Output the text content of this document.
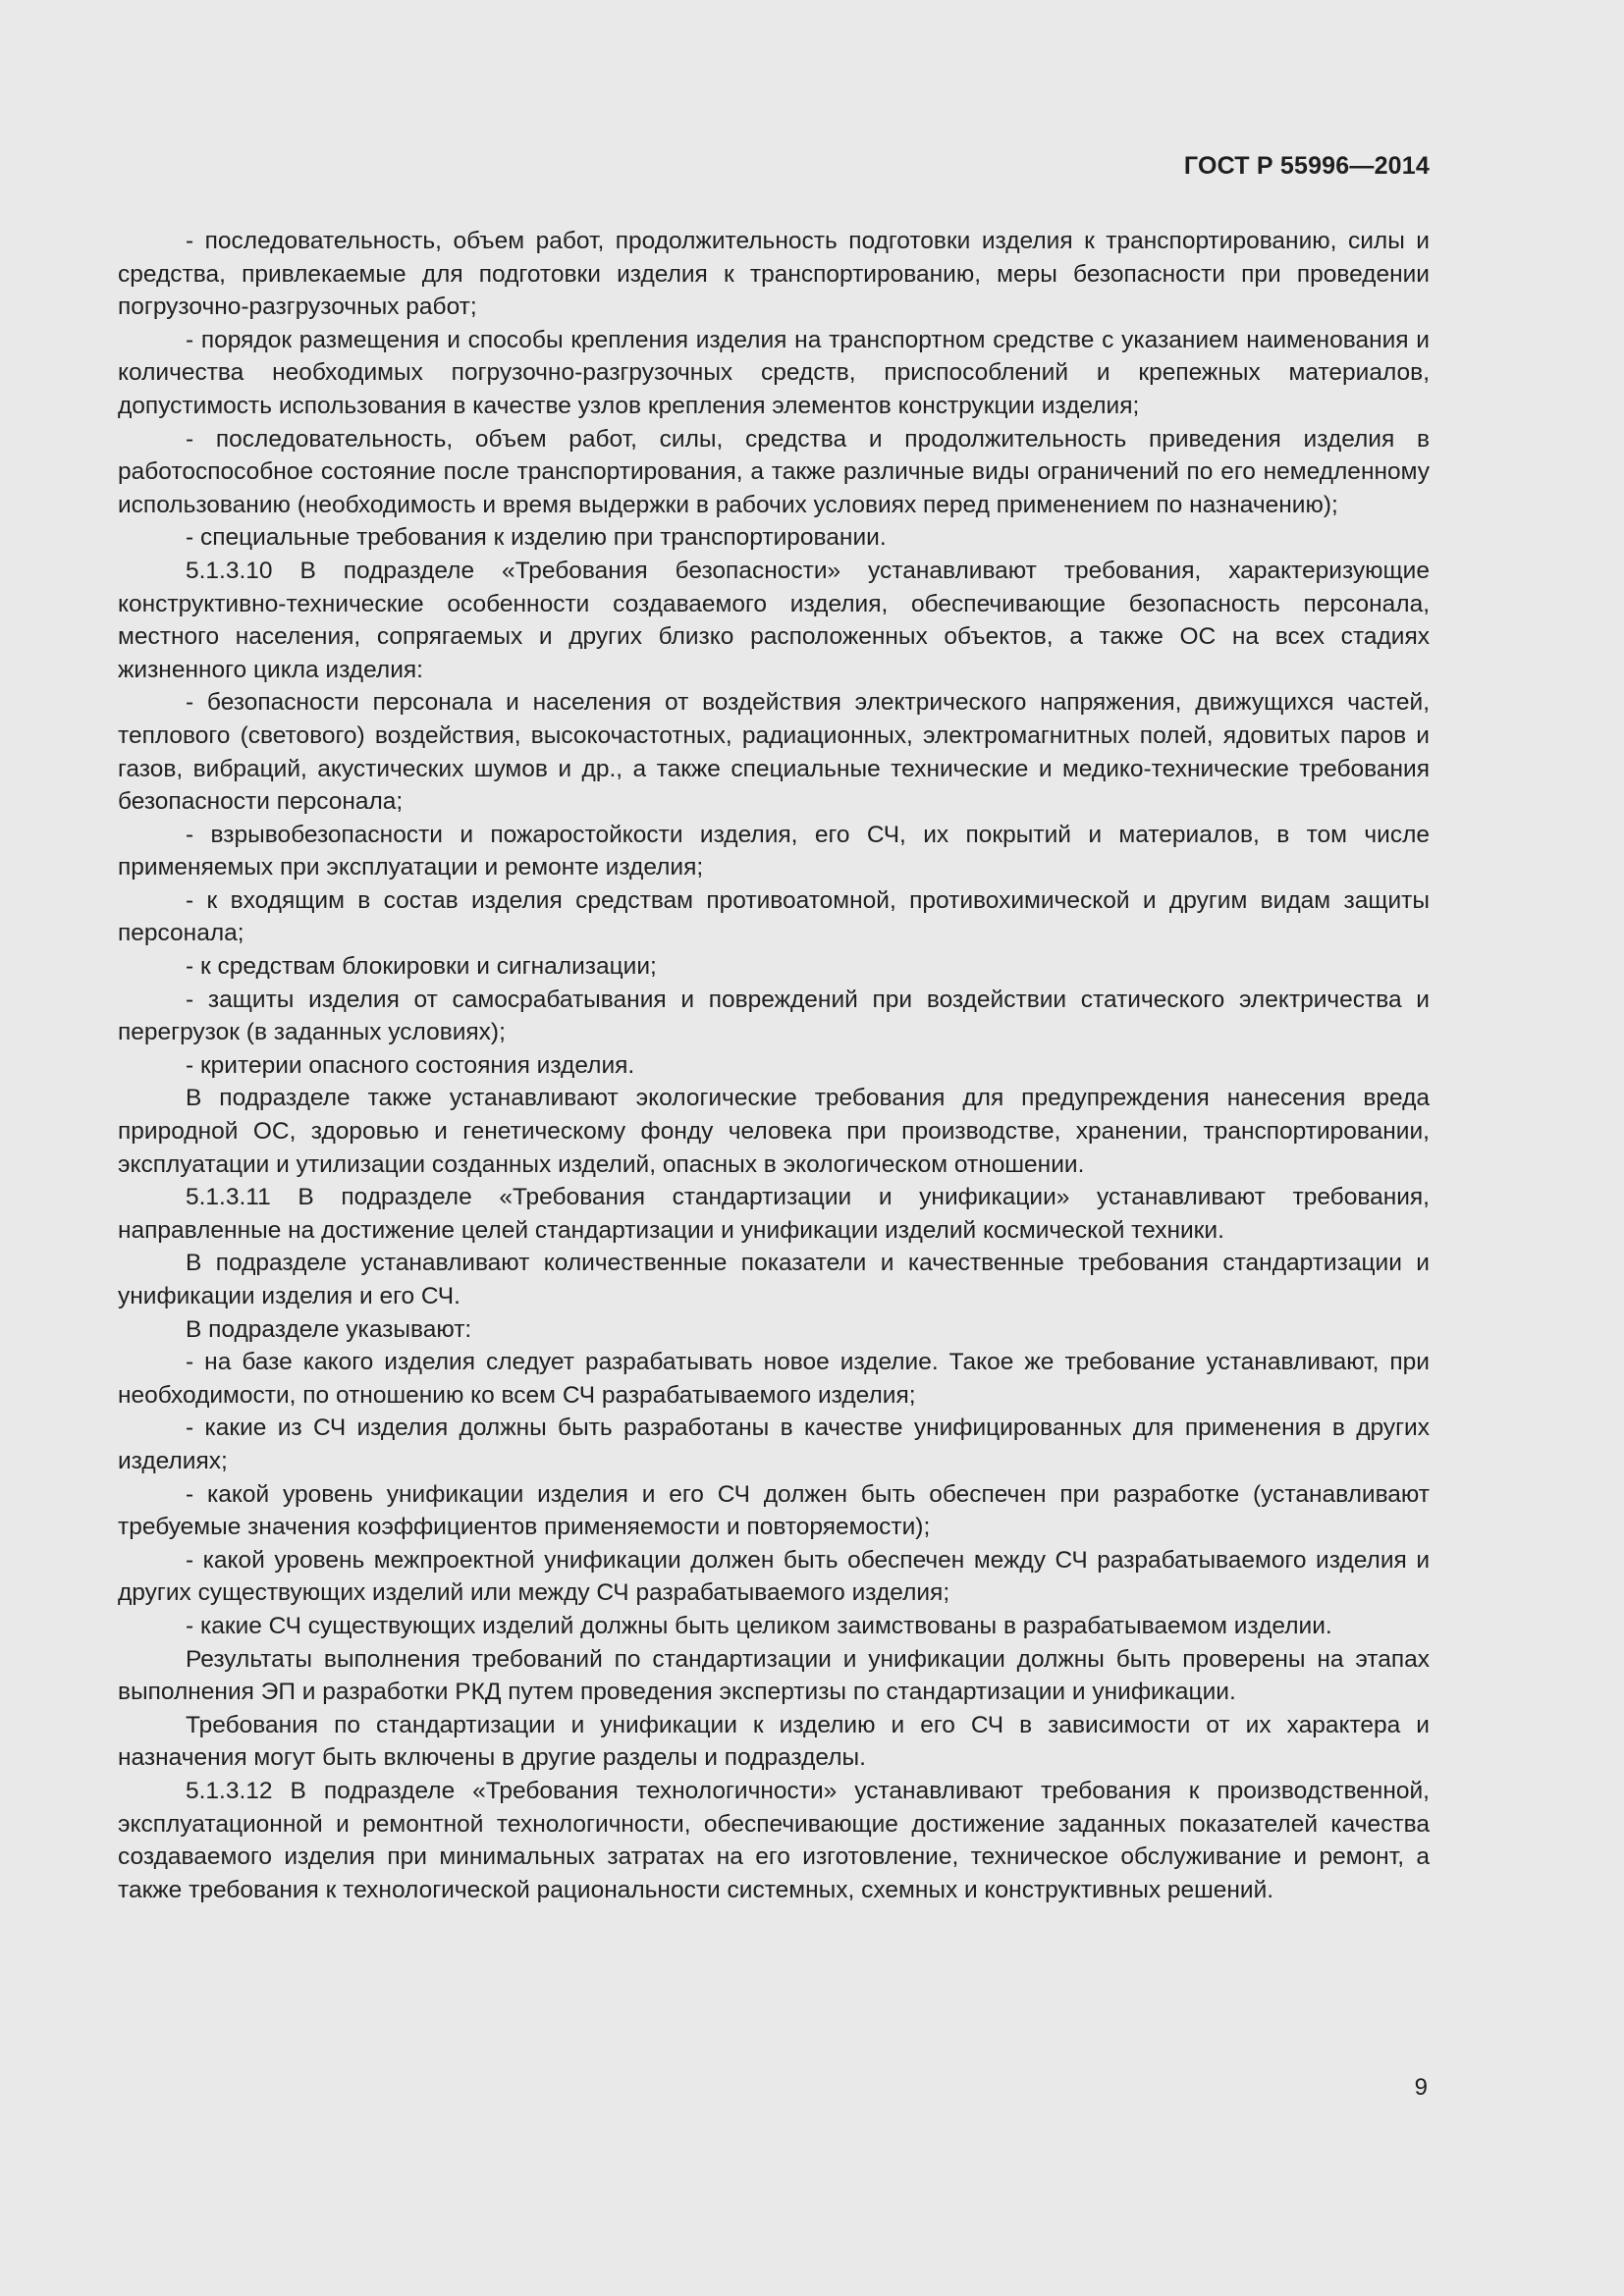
ГОСТ Р 55996—2014

- последовательность, объем работ, продолжительность подготовки изделия к транспортированию, силы и средства, привлекаемые для подготовки изделия к транспортированию, меры безопасности при проведении погрузочно-разгрузочных работ;

- порядок размещения и способы крепления изделия на транспортном средстве с указанием наименования и количества необходимых погрузочно-разгрузочных средств, приспособлений и крепежных материалов, допустимость использования в качестве узлов крепления элементов конструкции изделия;

- последовательность, объем работ, силы, средства и продолжительность приведения изделия в работоспособное состояние после транспортирования, а также различные виды ограничений по его немедленному использованию (необходимость и время выдержки в рабочих условиях перед применением по назначению);

- специальные требования к изделию при транспортировании.

5.1.3.10 В подразделе «Требования безопасности» устанавливают требования, характеризующие конструктивно-технические особенности создаваемого изделия, обеспечивающие безопасность персонала, местного населения, сопрягаемых и других близко расположенных объектов, а также ОС на всех стадиях жизненного цикла изделия:

- безопасности персонала и населения от воздействия электрического напряжения, движущихся частей, теплового (светового) воздействия, высокочастотных, радиационных, электромагнитных полей, ядовитых паров и газов, вибраций, акустических шумов и др., а также специальные технические и медико-технические требования безопасности персонала;

- взрывобезопасности и пожаростойкости изделия, его СЧ, их покрытий и материалов, в том числе применяемых при эксплуатации и ремонте изделия;

- к входящим в состав изделия средствам противоатомной, противохимической и другим видам защиты персонала;

- к средствам блокировки и сигнализации;

- защиты изделия от самосрабатывания и повреждений при воздействии статического электричества и перегрузок (в заданных условиях);

- критерии опасного состояния изделия.

В подразделе также устанавливают экологические требования для предупреждения нанесения вреда природной ОС, здоровью и генетическому фонду человека при производстве, хранении, транспортировании, эксплуатации и утилизации созданных изделий, опасных в экологическом отношении.

5.1.3.11 В подразделе «Требования стандартизации и унификации» устанавливают требования, направленные на достижение целей стандартизации и унификации изделий космической техники.

В подразделе устанавливают количественные показатели и качественные требования стандартизации и унификации изделия и его СЧ.

В подразделе указывают:

- на базе какого изделия следует разрабатывать новое изделие. Такое же требование устанавливают, при необходимости, по отношению ко всем СЧ разрабатываемого изделия;

- какие из СЧ изделия должны быть разработаны в качестве унифицированных для применения в других изделиях;

- какой уровень унификации изделия и его СЧ должен быть обеспечен при разработке (устанавливают требуемые значения коэффициентов применяемости и повторяемости);

- какой уровень межпроектной унификации должен быть обеспечен между СЧ разрабатываемого изделия и других существующих изделий или между СЧ разрабатываемого изделия;

- какие СЧ существующих изделий должны быть целиком заимствованы в разрабатываемом изделии.

Результаты выполнения требований по стандартизации и унификации должны быть проверены на этапах выполнения ЭП и разработки РКД путем проведения экспертизы по стандартизации и унификации.

Требования по стандартизации и унификации к изделию и его СЧ в зависимости от их характера и назначения могут быть включены в другие разделы и подразделы.

5.1.3.12 В подразделе «Требования технологичности» устанавливают требования к производственной, эксплуатационной и ремонтной технологичности, обеспечивающие достижение заданных показателей качества создаваемого изделия при минимальных затратах на его изготовление, техническое обслуживание и ремонт, а также требования к технологической рациональности системных, схемных и конструктивных решений.

9
